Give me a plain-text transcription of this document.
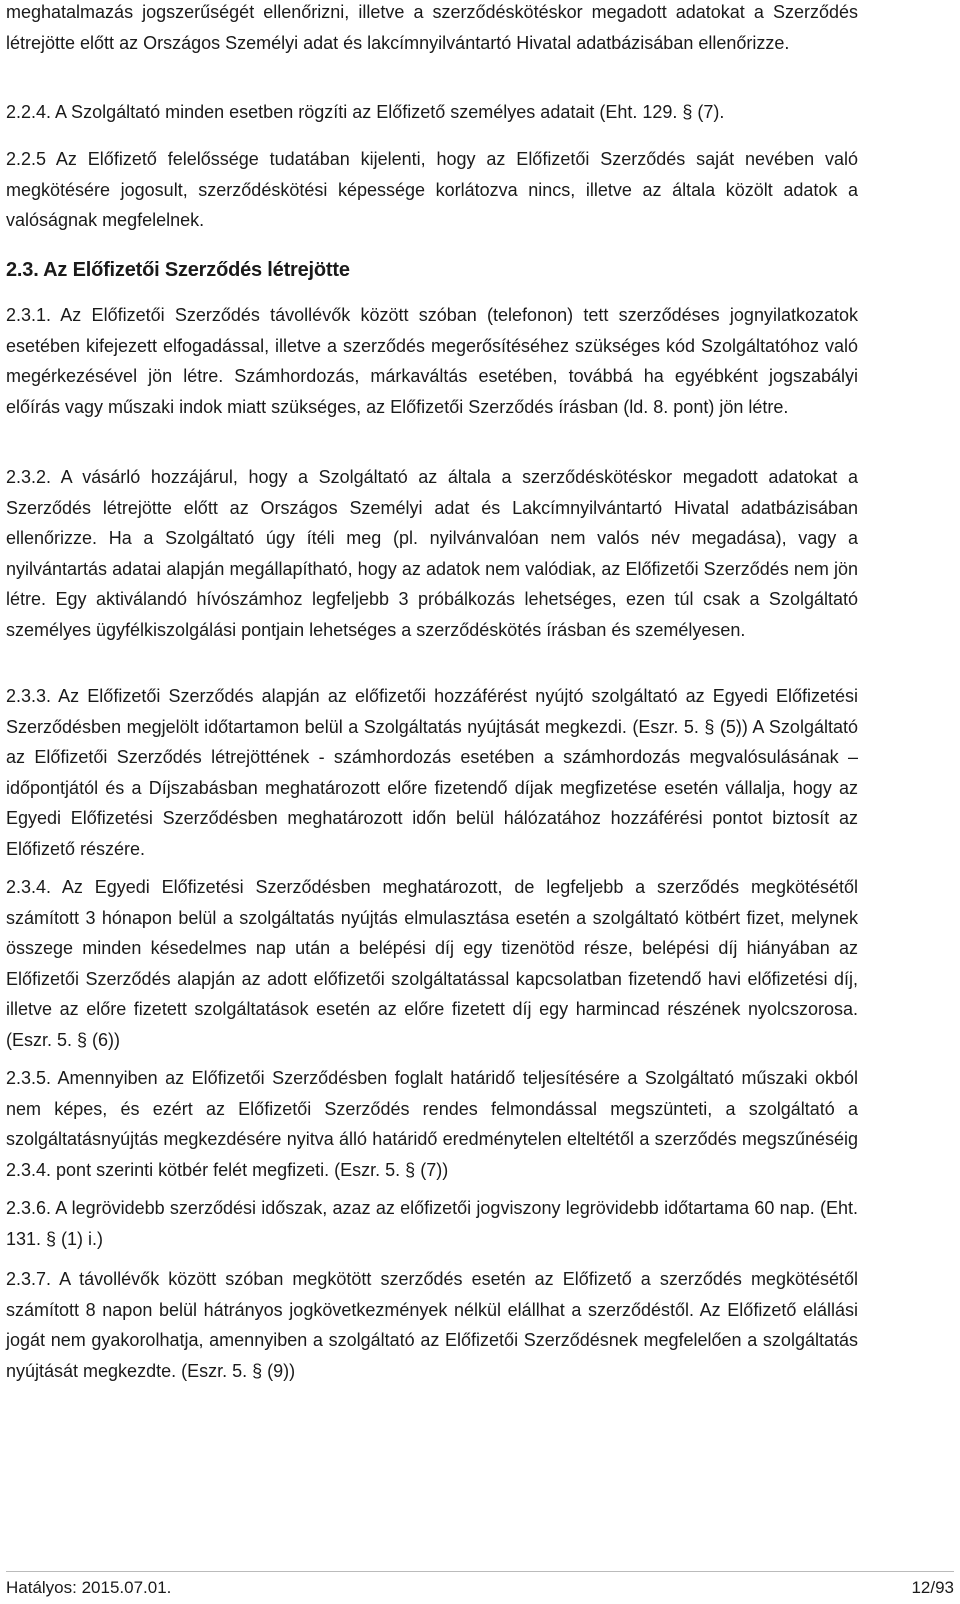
meghatalmazás jogszerűségét ellenőrizni, illetve a szerződéskötéskor megadott adatokat a Szerződés létrejötte előtt az Országos Személyi adat és lakcímnyilvántartó Hivatal adatbázisában ellenőrizze.

2.2.4. A Szolgáltató minden esetben rögzíti az Előfizető személyes adatait (Eht. 129. § (7).

2.2.5 Az Előfizető felelőssége tudatában kijelenti, hogy az Előfizetői Szerződés saját nevében való megkötésére jogosult, szerződéskötési képessége korlátozva nincs, illetve az általa közölt adatok a valóságnak megfelelnek.

2.3. Az Előfizetői Szerződés létrejötte

2.3.1. Az Előfizetői Szerződés távollévők között szóban (telefonon) tett szerződéses jognyilatkozatok esetében kifejezett elfogadással, illetve a szerződés megerősítéséhez szükséges kód Szolgáltatóhoz való megérkezésével jön létre. Számhordozás, márkaváltás esetében, továbbá ha egyébként jogszabályi előírás vagy műszaki indok miatt szükséges, az Előfizetői Szerződés írásban (ld. 8. pont) jön létre.

2.3.2. A vásárló hozzájárul, hogy a Szolgáltató az általa a szerződéskötéskor megadott adatokat a Szerződés létrejötte előtt az Országos Személyi adat és Lakcímnyilvántartó Hivatal adatbázisában ellenőrizze. Ha a Szolgáltató úgy ítéli meg (pl. nyilvánvalóan nem valós név megadása), vagy a nyilvántartás adatai alapján megállapítható, hogy az adatok nem valódiak, az Előfizetői Szerződés nem jön létre. Egy aktiválandó hívószámhoz legfeljebb 3 próbálkozás lehetséges, ezen túl csak a Szolgáltató személyes ügyfélkiszolgálási pontjain lehetséges a szerződéskötés írásban és személyesen.

2.3.3. Az Előfizetői Szerződés alapján az előfizetői hozzáférést nyújtó szolgáltató az Egyedi Előfizetési Szerződésben megjelölt időtartamon belül a Szolgáltatás nyújtását megkezdi. (Eszr. 5. § (5)) A Szolgáltató az Előfizetői Szerződés létrejöttének - számhordozás esetében a számhordozás megvalósulásának – időpontjától és a Díjszabásban meghatározott előre fizetendő díjak megfizetése esetén vállalja, hogy az Egyedi Előfizetési Szerződésben meghatározott időn belül hálózatához hozzáférési pontot biztosít az Előfizető részére.

2.3.4. Az Egyedi Előfizetési Szerződésben meghatározott, de legfeljebb a szerződés megkötésétől számított 3 hónapon belül a szolgáltatás nyújtás elmulasztása esetén a szolgáltató kötbért fizet, melynek összege minden késedelmes nap után a belépési díj egy tizenötöd része, belépési díj hiányában az Előfizetői Szerződés alapján az adott előfizetői szolgáltatással kapcsolatban fizetendő havi előfizetési díj, illetve az előre fizetett szolgáltatások esetén az előre fizetett díj egy harmincad részének nyolcszorosa. (Eszr. 5. § (6))

2.3.5. Amennyiben az Előfizetői Szerződésben foglalt határidő teljesítésére a Szolgáltató műszaki okból nem képes, és ezért az Előfizetői Szerződés rendes felmondással megszünteti, a szolgáltató a szolgáltatásnyújtás megkezdésére nyitva álló határidő eredménytelen elteltétől a szerződés megszűnéséig 2.3.4. pont szerinti kötbér felét megfizeti. (Eszr. 5. § (7))

2.3.6. A legrövidebb szerződési időszak, azaz az előfizetői jogviszony legrövidebb időtartama 60 nap. (Eht. 131. § (1) i.)

2.3.7. A távollévők között szóban megkötött szerződés esetén az Előfizető a szerződés megkötésétől számított 8 napon belül hátrányos jogkövetkezmények nélkül elállhat a szerződéstől. Az Előfizető elállási jogát nem gyakorolhatja, amennyiben a szolgáltató az Előfizetői Szerződésnek megfelelően a szolgáltatás nyújtását megkezdte. (Eszr. 5. § (9))

Hatályos: 2015.07.01.	12/93
